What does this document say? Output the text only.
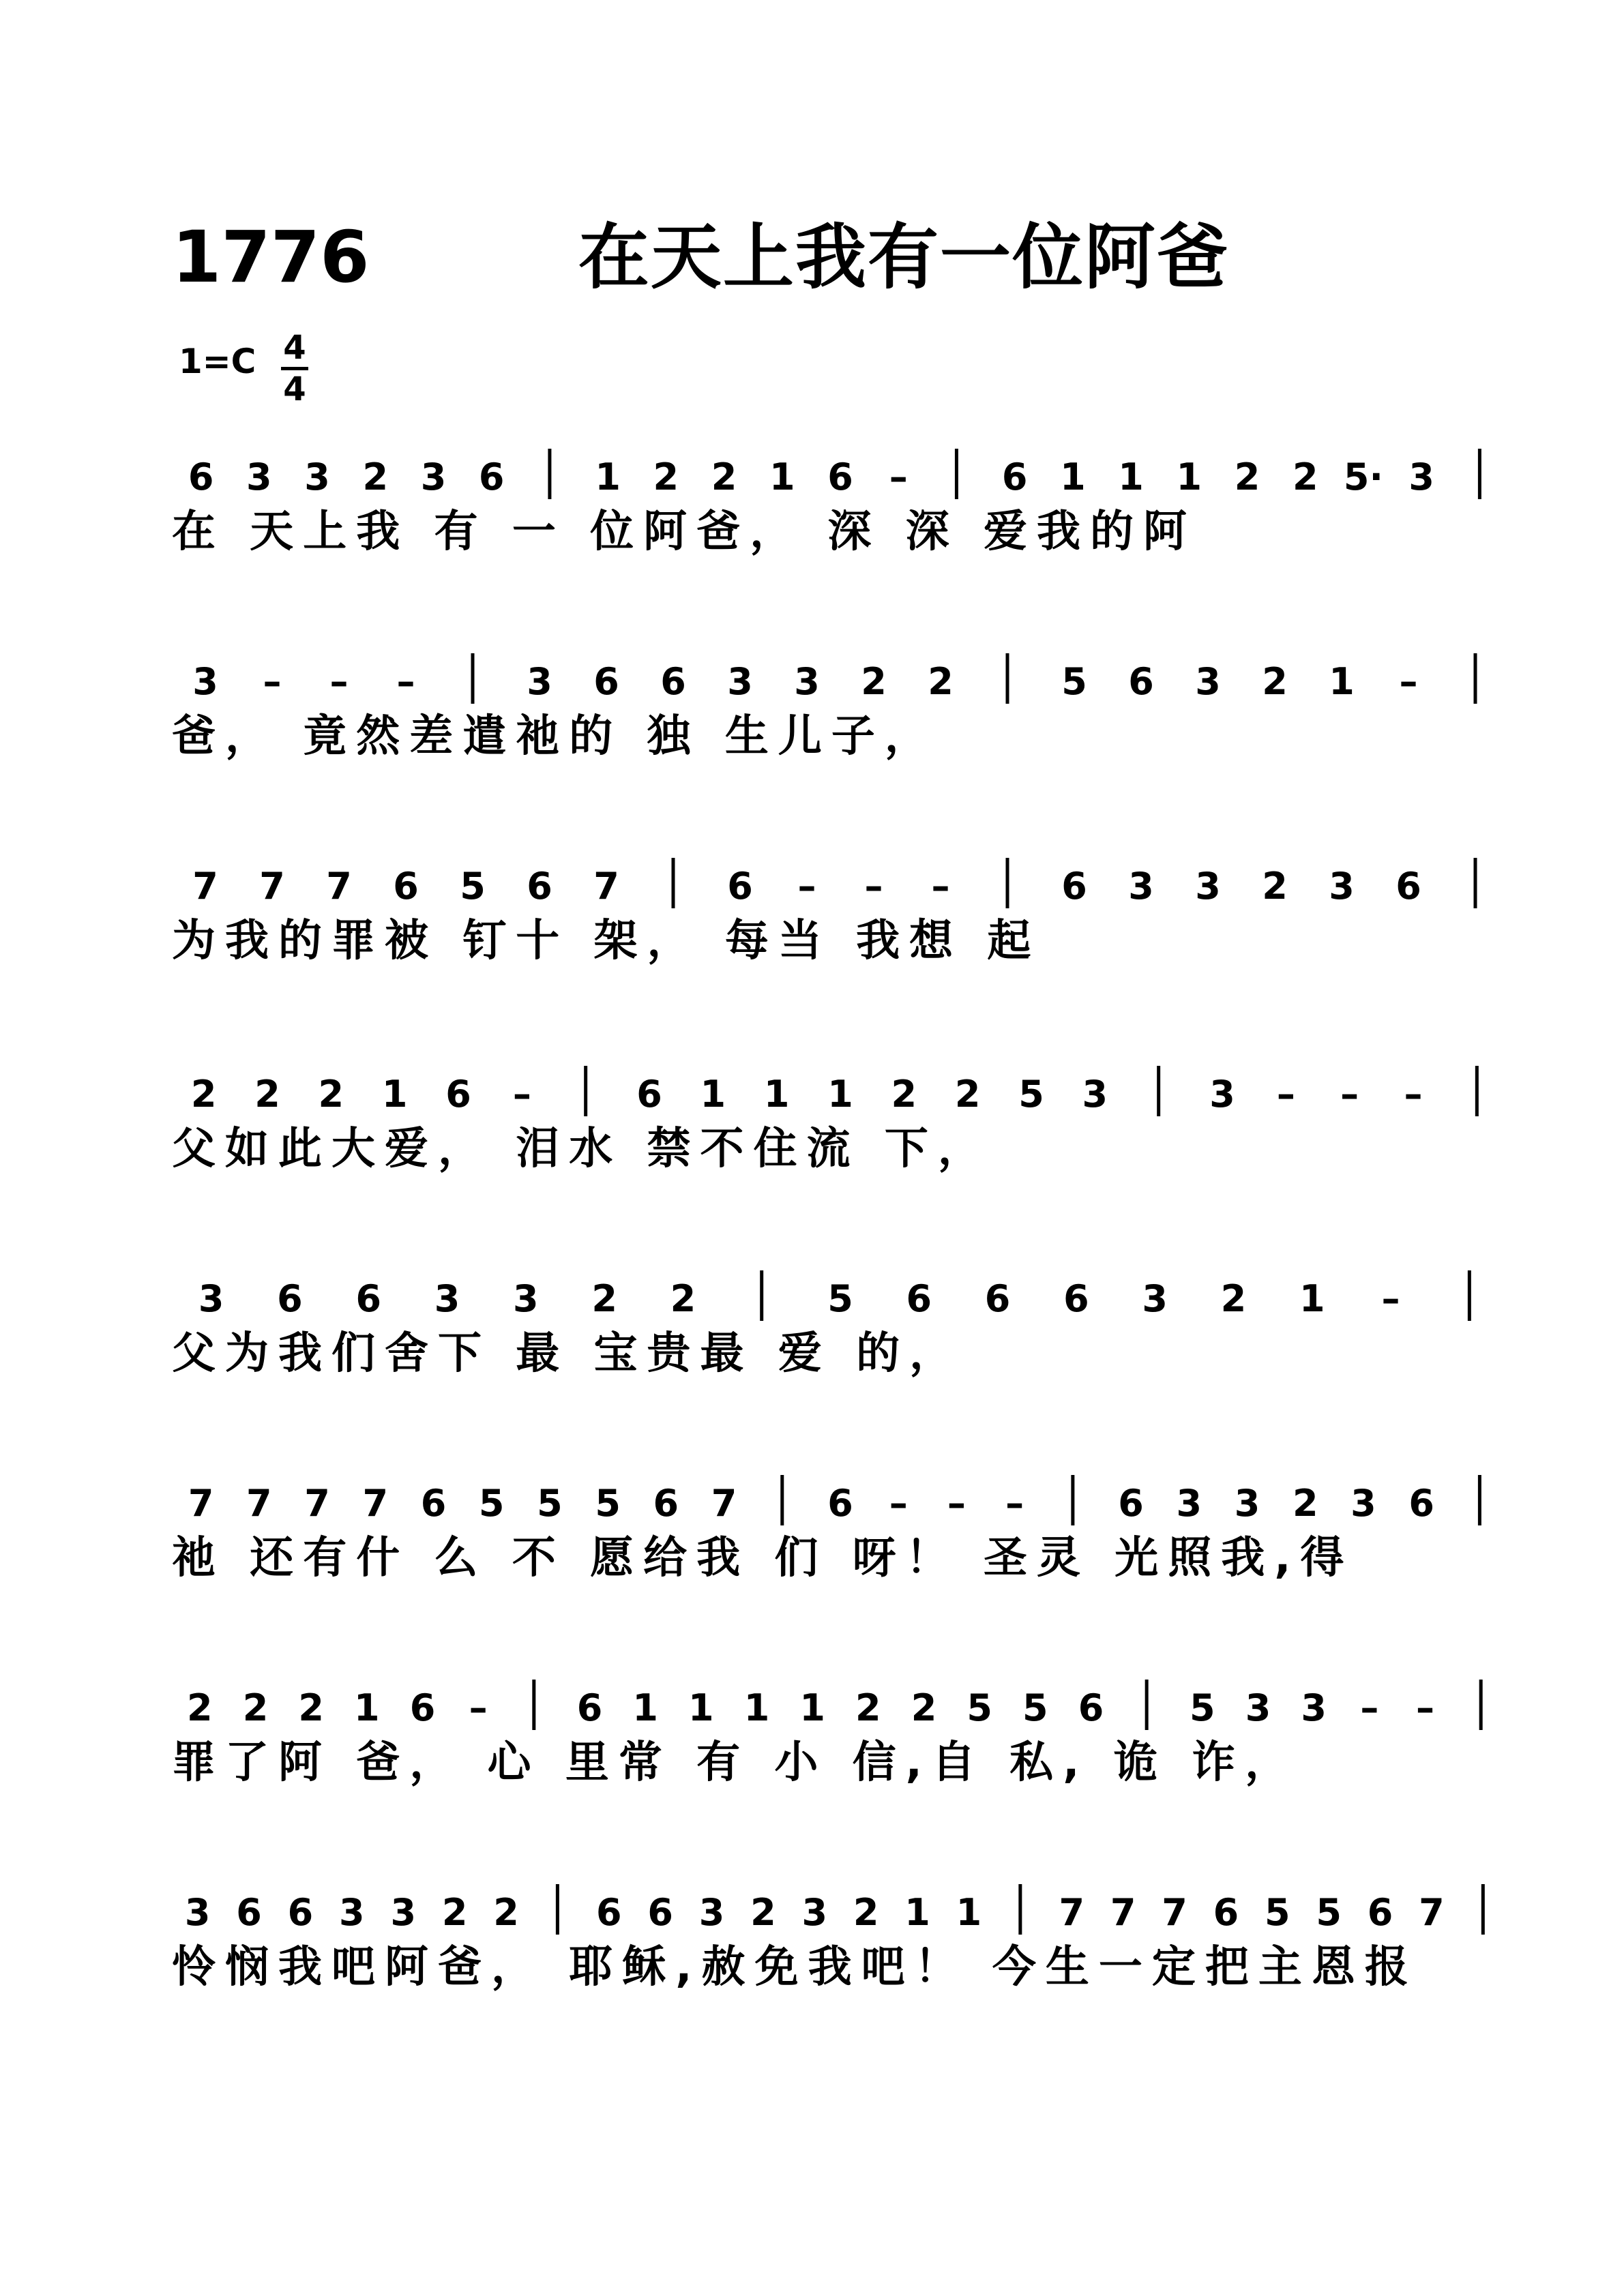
1776	在天上我有一位阿爸
1=C 4
4
6 3 3 2 3 6 1 2 2 1 6 –	6 1 1 1 2 2 5· 3
在 天上我 有 一 位阿爸， 深 深 爱我的阿
3 – – –	3 6 6 3 3 2 2	5 6 3 2 1 –
爸， 竟然差遣祂的 独 生儿子，
7 7 7 6 5 6 7	6 – – –	6 3 3 2 3 6
为我的罪被 钉十 架， 每当 我想 起
2 2 2 1 6 –	6 1 1 1 2 2 5 3	3 – – –
父如此大爱， 泪水 禁不住流 下，
3 6 6 3 3 2 2	5 6 6 6 3 2 1 –
父为我们舍下 最 宝贵最 爱 的，
7 7 7 7 6 5 5 5 6 7 6 – – –	6 3 3 2 3 6
祂 还有什 么 不 愿给我 们 呀！ 圣灵 光照我,得
2 2 2 1 6 – 6 1 1 1 1 2 2 5 5 6 5 3 3 – –
罪了阿 爸， 心 里常 有 小 信,自 私, 诡 诈，
3 6 6 3 3 2 2 6 6 3 2 3 2 1 1 7 7 7 6 5 5 6 7
怜悯我吧阿爸， 耶稣,赦免我吧！ 今生一定把主恩报
